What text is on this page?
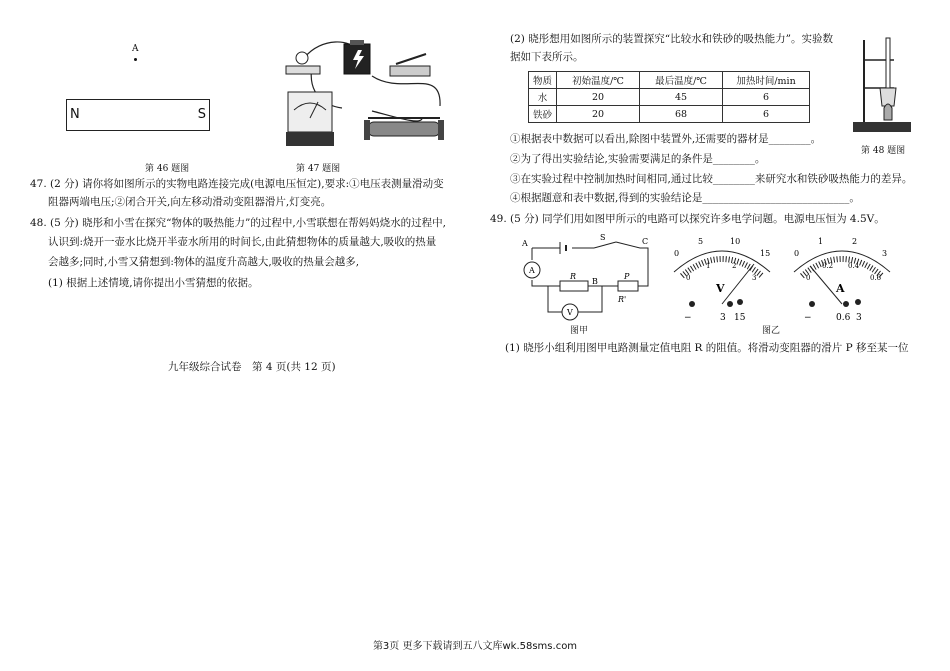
A
N	S
第 46 题图	第 47 题图
47. (2 分) 请你将如图所示的实物电路连接完成(电源电压恒定),要求:①电压表测量滑动变
阻器两端电压;②闭合开关,向左移动滑动变阻器滑片,灯变亮。
48. (5 分) 晓彤和小雪在探究“物体的吸热能力”的过程中,小雪联想在帮妈妈烧水的过程中,
认识到:烧开一壶水比烧开半壶水所用的时间长,由此猜想物体的质量越大,吸收的热量
会越多;同时,小雪又猜想到:物体的温度升高越大,吸收的热量会越多,
(1) 根据上述情境,请你提出小雪猜想的依据。
九年级综合试卷　第 4 页(共 12 页)
(2) 晓彤想用如图所示的装置探究“比较水和铁砂的吸热能力”。实验数
据如下表所示。
物质	初始温度/℃	最后温度/℃	加热时间/min
水	20	45	6
铁砂	20	68	6
第 48 题图
①根据表中数据可以看出,除图中装置外,还需要的器材是________。
②为了得出实验结论,实验需要满足的条件是________。
③在实验过程中控制加热时间相同,通过比较________来研究水和铁砂吸热能力的差异。
④根据题意和表中数据,得到的实验结论是____________________________。
49. (5 分) 同学们用如图甲所示的电路可以探究许多电学问题。电源电压恒为 4.5V。
A	C
S
A
R
B
P
R'
V
图甲
0
5	10
15
0
1	2
3
V
−	3 15
0
1	2
3
0
0.2 0.4
0.6
A
−	0.6 3
图乙
(1) 晓彤小组利用图甲电路测量定值电阻 R 的阻值。将滑动变阻器的滑片 P 移至某一位
第3页 更多下载请到五八文库wk.58sms.com
